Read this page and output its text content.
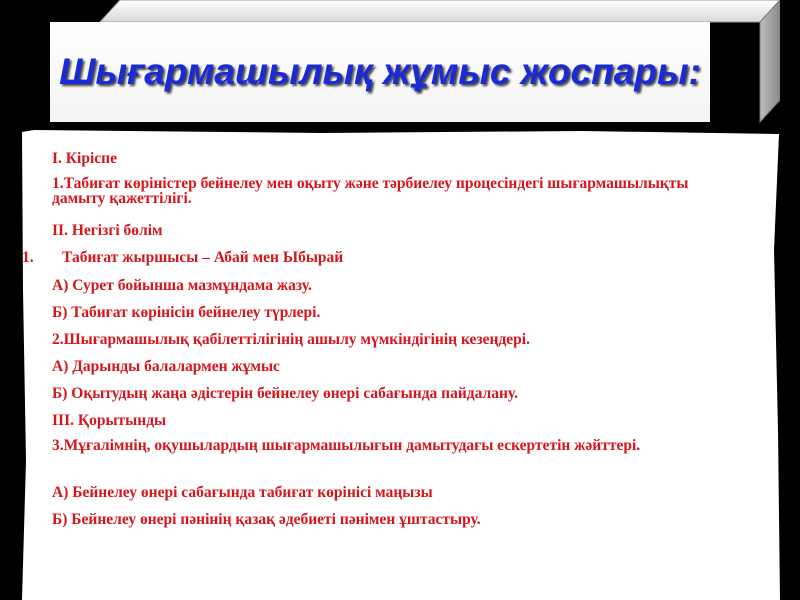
Шығармашылық жұмыс жоспары:
I. Кіріспе
1.Табиғат көріністер бейнелеу мен оқыту және тәрбиелеу процесіндегі шығармашылықты дамыту қажеттілігі.
II. Негізгі бөлім
1. Табиғат жыршысы – Абай мен Ыбырай
А) Сурет бойынша мазмұндама жазу.
Б) Табиғат көрінісін бейнелеу түрлері.
2.Шығармашылық қабілеттілігінің ашылу мүмкіндігінің кезеңдері.
А) Дарынды балалармен жұмыс
Б) Оқытудың жаңа әдістерін бейнелеу өнері сабағында пайдалану.
III. Қорытынды
3.Мұғалімнің, оқушылардың шығармашылығын дамытудағы ескертетін жәйттері.
А) Бейнелеу өнері сабағында табиғат көрінісі маңызы
Б) Бейнелеу өнері пәнінің қазақ әдебиеті пәнімен ұштастыру.
